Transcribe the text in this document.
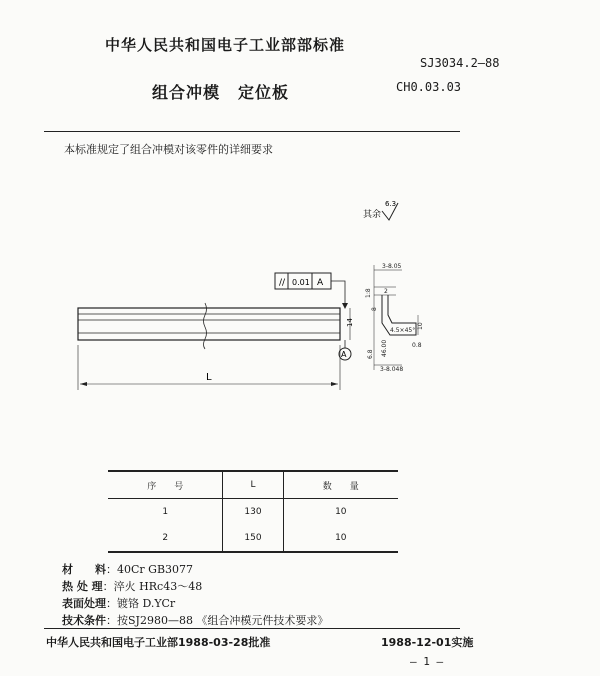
中华人民共和国电子工业部部标准
SJ3034.2—88
CH0.03.03
组合冲模 定位板
本标准规定了组合冲模对该零件的详细要求
其余
6.3
// 0.01 A
14
A
L
3-8.05
1:8 2
8
10
4.5×45°
0.8
46.00
3-8.048
6.8
序　　号	L	数　　量
1	130	10
2	150	10
材　　料：40Cr GB3077
热 处 理：淬火 HRc43～48
表面处理：镀铬 D.YCr
技术条件：按SJ2980—88 《组合冲模元件技术要求》
中华人民共和国电子工业部1988-03-28批准	1988-12-01实施
— 1 —
